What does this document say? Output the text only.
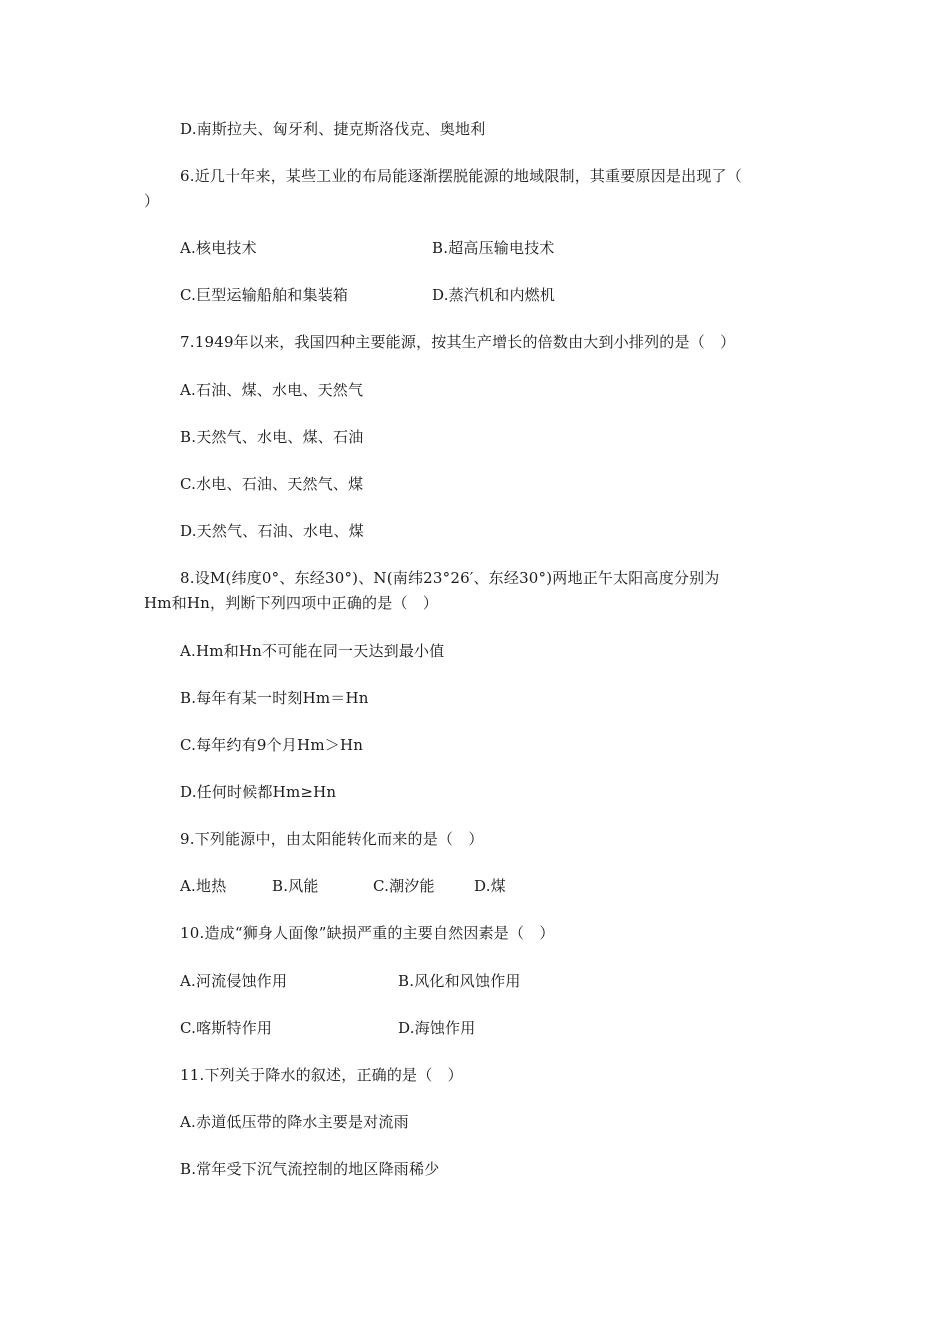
D.南斯拉夫、匈牙利、捷克斯洛伐克、奥地利
6.近几十年来，某些工业的布局能逐渐摆脱能源的地域限制，其重要原因是出现了（
）
A.核电技术	B.超高压输电技术
C.巨型运输船舶和集装箱	D.蒸汽机和内燃机
7.1949年以来，我国四种主要能源，按其生产增长的倍数由大到小排列的是（　）
A.石油、煤、水电、天然气
B.天然气、水电、煤、石油
C.水电、石油、天然气、煤
D.天然气、石油、水电、煤
8.设M(纬度0°、东经30°)、N(南纬23°26′、东经30°)两地正午太阳高度分别为
Hm和Hn，判断下列四项中正确的是（　）
A.Hm和Hn不可能在同一天达到最小值
B.每年有某一时刻Hm＝Hn
C.每年约有9个月Hm＞Hn
D.任何时候都Hm≥Hn
9.下列能源中，由太阳能转化而来的是（　）
A.地热	B.风能	C.潮汐能	D.煤
10.造成“狮身人面像”缺损严重的主要自然因素是（　）
A.河流侵蚀作用	B.风化和风蚀作用
C.喀斯特作用	D.海蚀作用
11.下列关于降水的叙述，正确的是（　）
A.赤道低压带的降水主要是对流雨
B.常年受下沉气流控制的地区降雨稀少
